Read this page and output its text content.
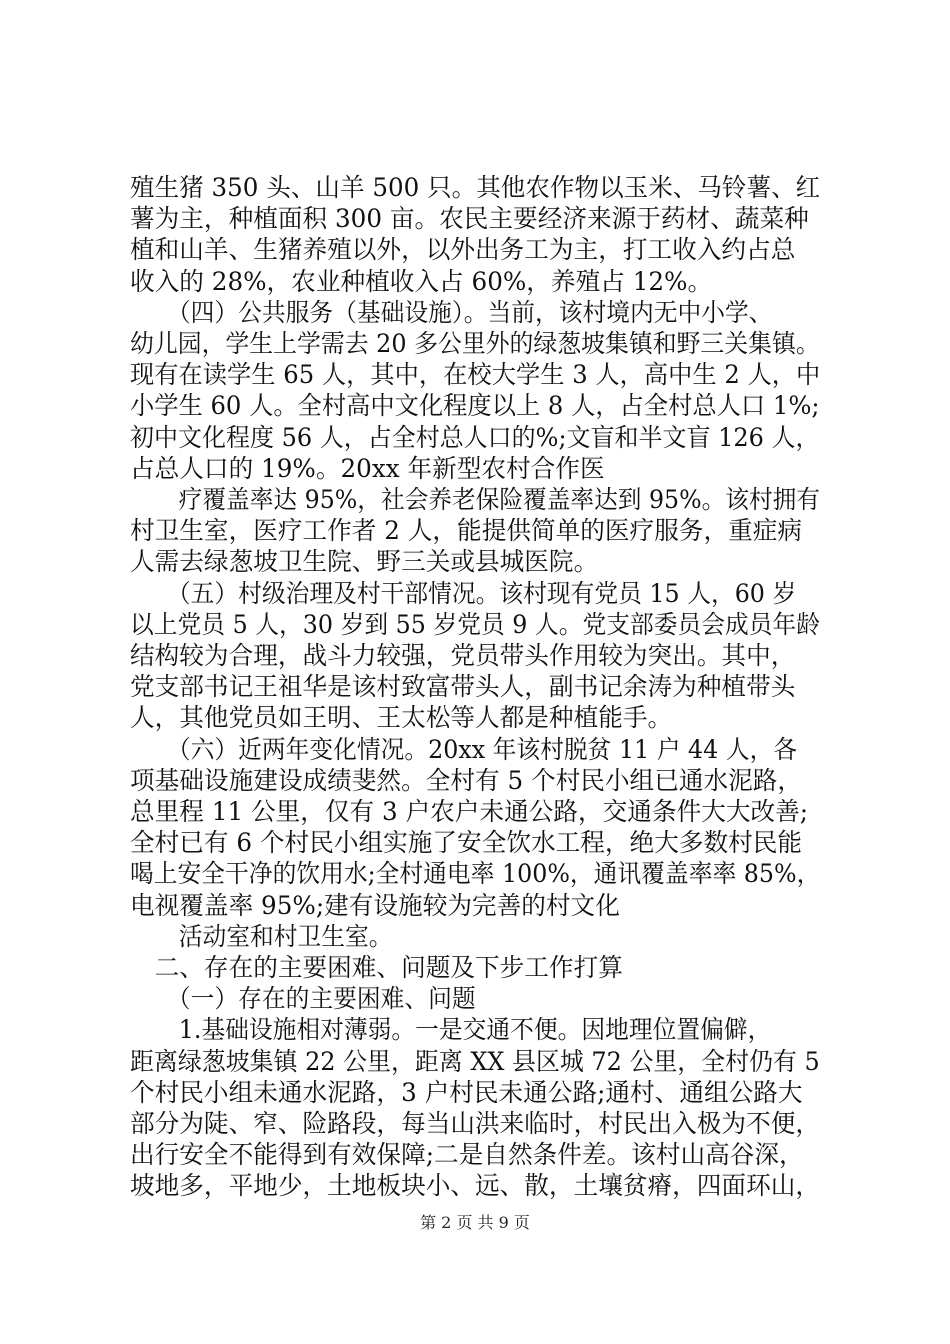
殖生猪 350 头、山羊 500 只。其他农作物以玉米、马铃薯、红
薯为主，种植面积 300 亩。农民主要经济来源于药材、蔬菜种
植和山羊、生猪养殖以外，以外出务工为主，打工收入约占总
收入的 28%，农业种植收入占 60%，养殖占 12%。
　（四）公共服务（基础设施）。当前，该村境内无中小学、
幼儿园，学生上学需去 20 多公里外的绿葱坡集镇和野三关集镇。
现有在读学生 65 人，其中，在校大学生 3 人，高中生 2 人，中
小学生 60 人。全村高中文化程度以上 8 人，占全村总人口 1%;
初中文化程度 56 人，占全村总人口的%;文盲和半文盲 126 人，
占总人口的 19%。20xx 年新型农村合作医
　疗覆盖率达 95%，社会养老保险覆盖率达到 95%。该村拥有
村卫生室，医疗工作者 2 人，能提供简单的医疗服务，重症病
人需去绿葱坡卫生院、野三关或县城医院。
　（五）村级治理及村干部情况。该村现有党员 15 人，60 岁
以上党员 5 人，30 岁到 55 岁党员 9 人。党支部委员会成员年龄
结构较为合理，战斗力较强，党员带头作用较为突出。其中，
党支部书记王祖华是该村致富带头人，副书记余涛为种植带头
人，其他党员如王明、王太松等人都是种植能手。
　（六）近两年变化情况。20xx 年该村脱贫 11 户 44 人，各
项基础设施建设成绩斐然。全村有 5 个村民小组已通水泥路，
总里程 11 公里，仅有 3 户农户未通公路，交通条件大大改善;
全村已有 6 个村民小组实施了安全饮水工程，绝大多数村民能
喝上安全干净的饮用水;全村通电率 100%，通讯覆盖率率 85%，
电视覆盖率 95%;建有设施较为完善的村文化
　活动室和村卫生室。
　二、存在的主要困难、问题及下步工作打算
　（一）存在的主要困难、问题
　1.基础设施相对薄弱。一是交通不便。因地理位置偏僻，
距离绿葱坡集镇 22 公里，距离 XX 县区城 72 公里，全村仍有 5
个村民小组未通水泥路，3 户村民未通公路;通村、通组公路大
部分为陡、窄、险路段，每当山洪来临时，村民出入极为不便，
出行安全不能得到有效保障;二是自然条件差。该村山高谷深，
坡地多，平地少，土地板块小、远、散，土壤贫瘠，四面环山，
第 2 页 共 9 页
